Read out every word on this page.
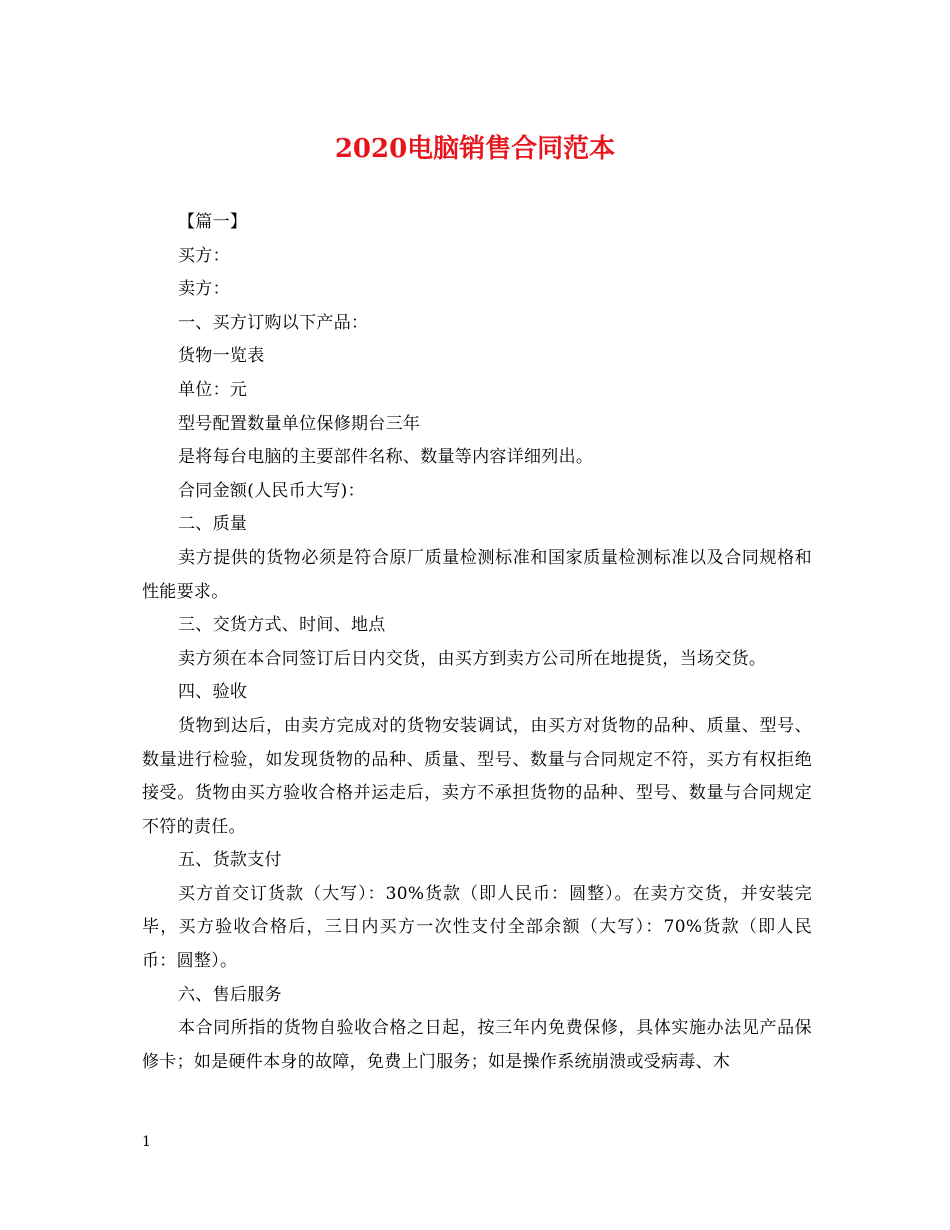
2020电脑销售合同范本

【篇一】

买方：

卖方：

一、买方订购以下产品：

货物一览表

单位：元

型号配置数量单位保修期台三年

是将每台电脑的主要部件名称、数量等内容详细列出。

合同金额(人民币大写)：

二、质量

卖方提供的货物必须是符合原厂质量检测标准和国家质量检测标准以及合同规格和性能要求。

三、交货方式、时间、地点

卖方须在本合同签订后日内交货，由买方到卖方公司所在地提货，当场交货。

四、验收

货物到达后，由卖方完成对的货物安装调试，由买方对货物的品种、质量、型号、数量进行检验，如发现货物的品种、质量、型号、数量与合同规定不符，买方有权拒绝接受。货物由买方验收合格并运走后，卖方不承担货物的品种、型号、数量与合同规定不符的责任。

五、货款支付

买方首交订货款（大写）：30%货款（即人民币：圆整）。在卖方交货，并安装完毕，买方验收合格后，三日内买方一次性支付全部余额（大写）：70%货款（即人民币：圆整）。

六、售后服务

本合同所指的货物自验收合格之日起，按三年内免费保修，具体实施办法见产品保修卡；如是硬件本身的故障，免费上门服务；如是操作系统崩溃或受病毒、木

1
